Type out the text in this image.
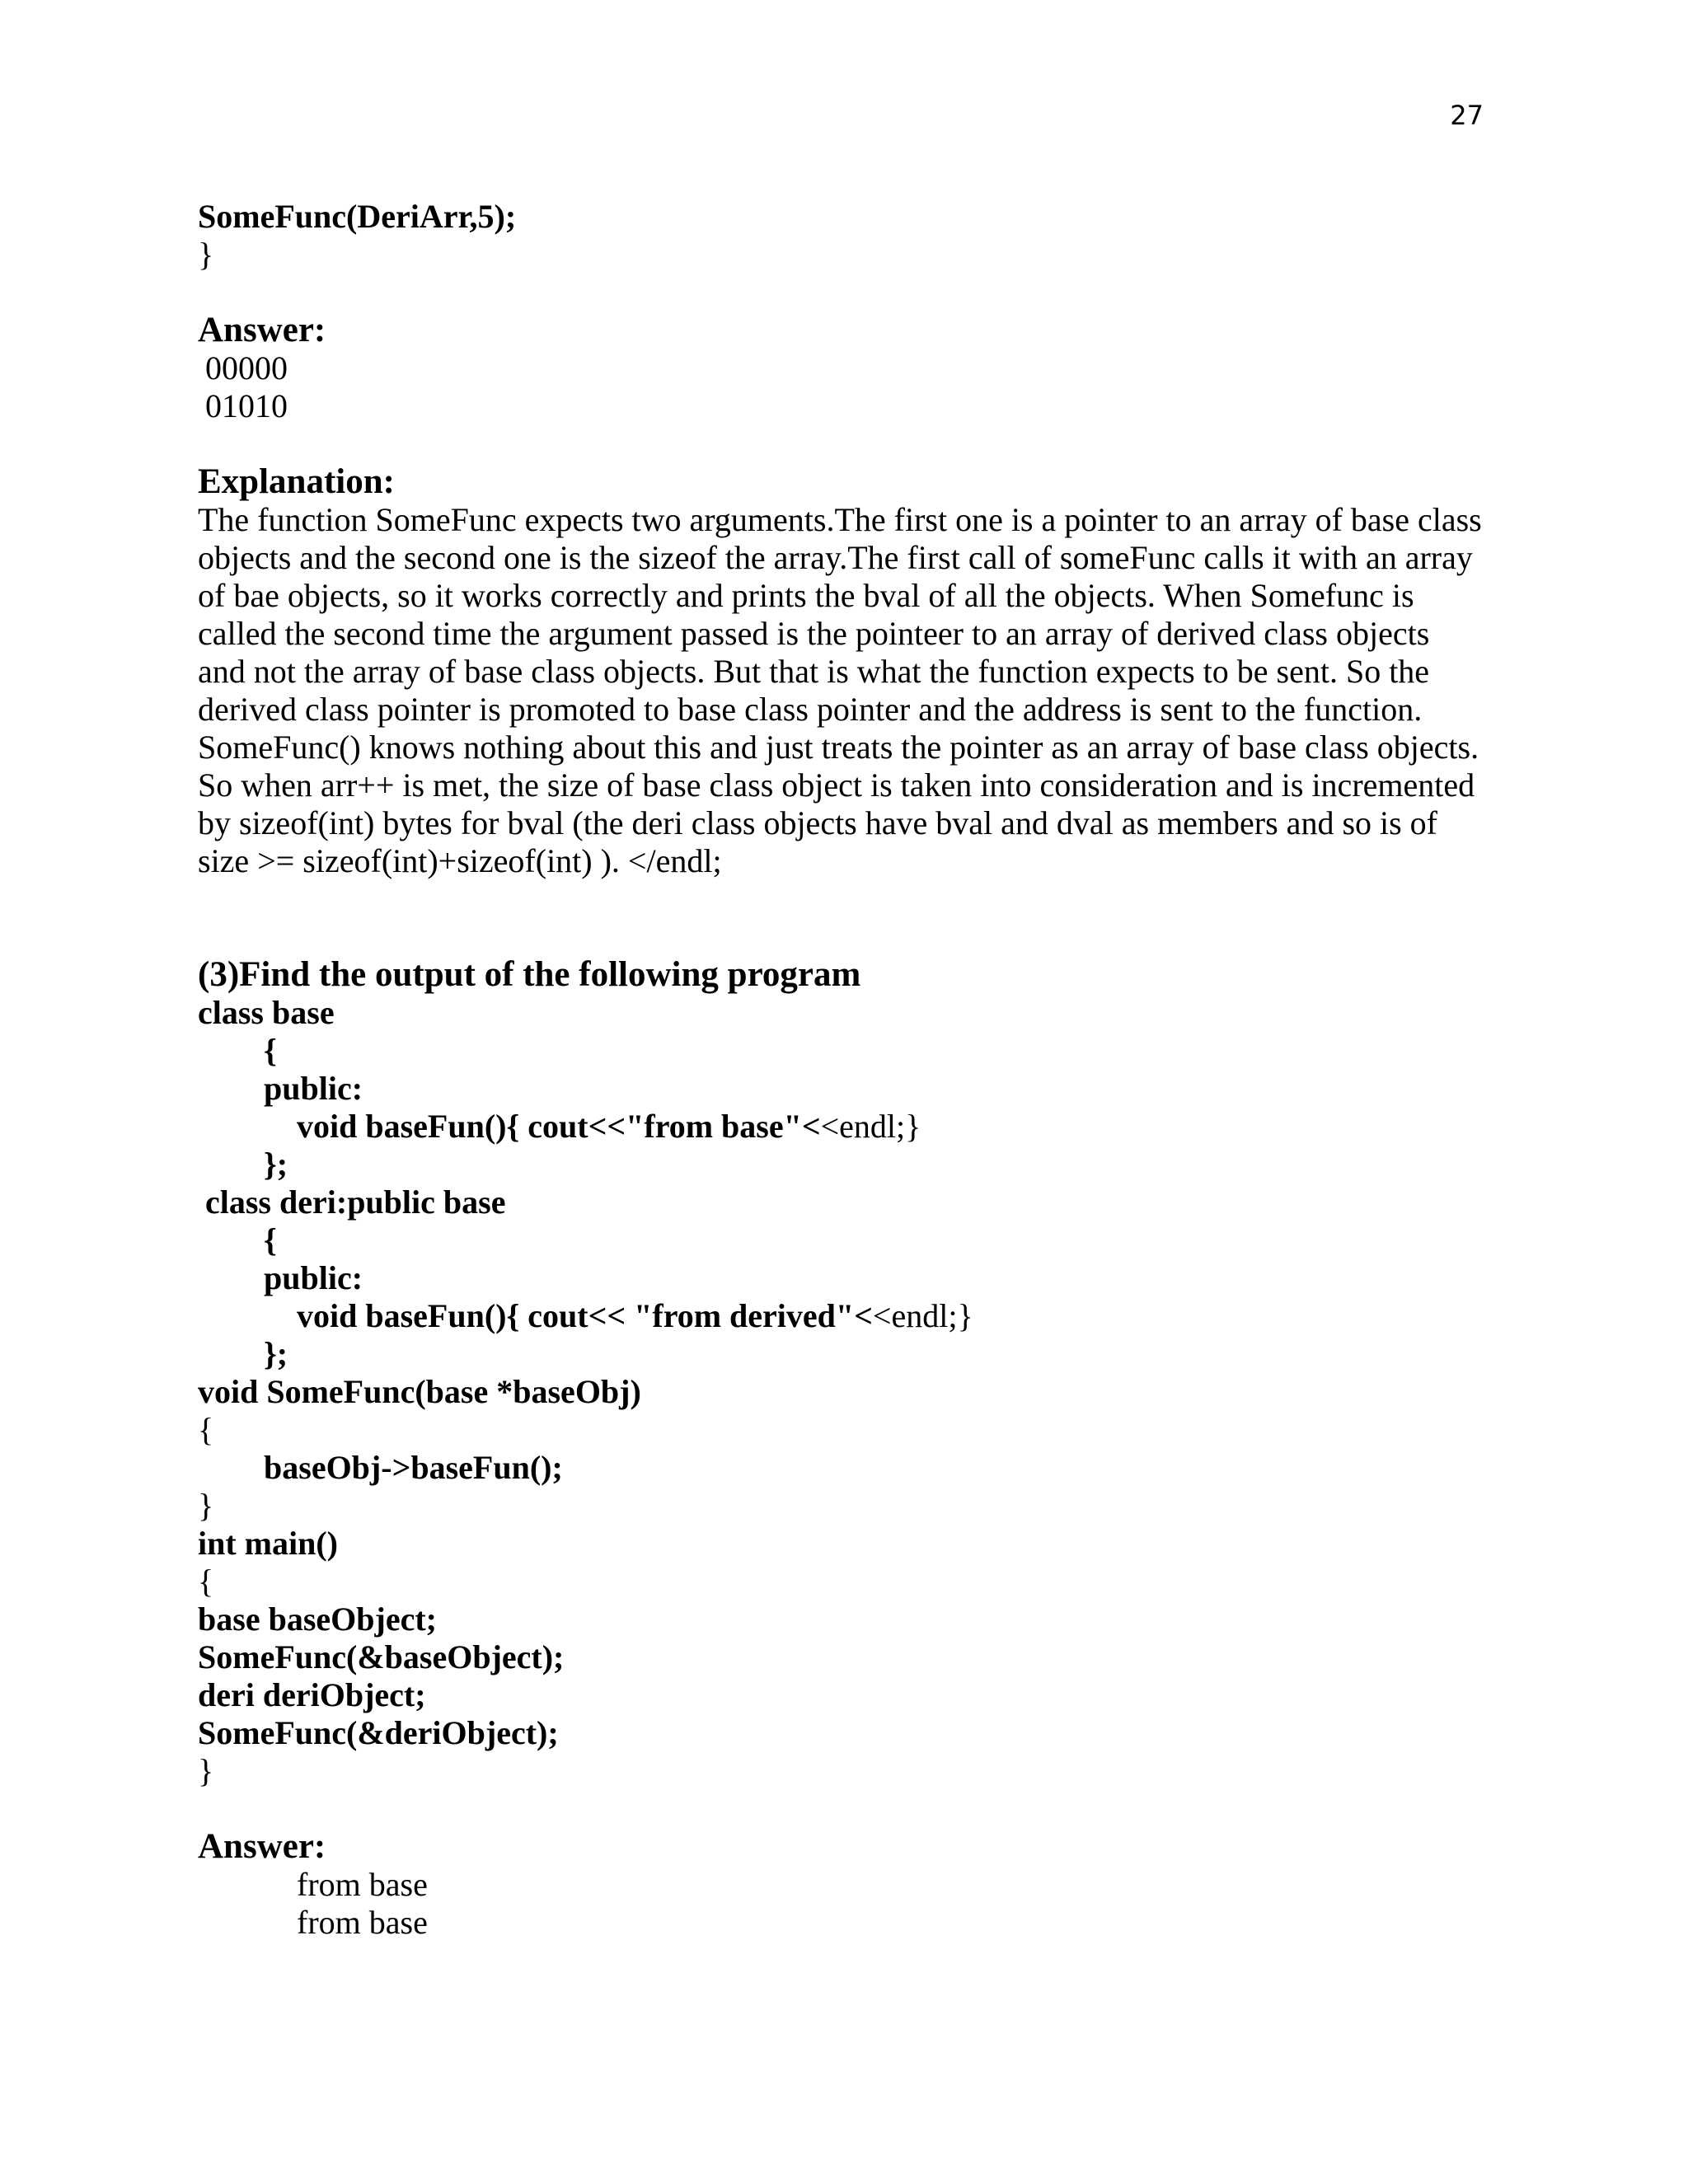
27
SomeFunc(DeriArr,5);
}
Answer:
00000
01010
Explanation:
The function SomeFunc expects two arguments.The first one is a pointer to an array of base class
objects and the second one is the sizeof the array.The first call of someFunc calls it with an array
of bae objects, so it works correctly and prints the bval of all the objects. When Somefunc is
called the second time the argument passed is the pointeer to an array of derived class objects
and not the array of base class objects. But that is what the function expects to be sent. So the
derived class pointer is promoted to base class pointer and the address is sent to the function.
SomeFunc() knows nothing about this and just treats the pointer as an array of base class objects.
So when arr++ is met, the size of base class object is taken into consideration and is incremented
by sizeof(int) bytes for bval (the deri class objects have bval and dval as members and so is of
size >= sizeof(int)+sizeof(int) ). </endl;
(3)Find the output of the following program
class base
{
public:
void baseFun(){ cout<<"from base"<<endl;}
};
class deri:public base
{
public:
void baseFun(){ cout<< "from derived"<<endl;}
};
void SomeFunc(base *baseObj)
{
baseObj->baseFun();
}
int main()
{
base baseObject;
SomeFunc(&baseObject);
deri deriObject;
SomeFunc(&deriObject);
}
Answer:
from base
from base
